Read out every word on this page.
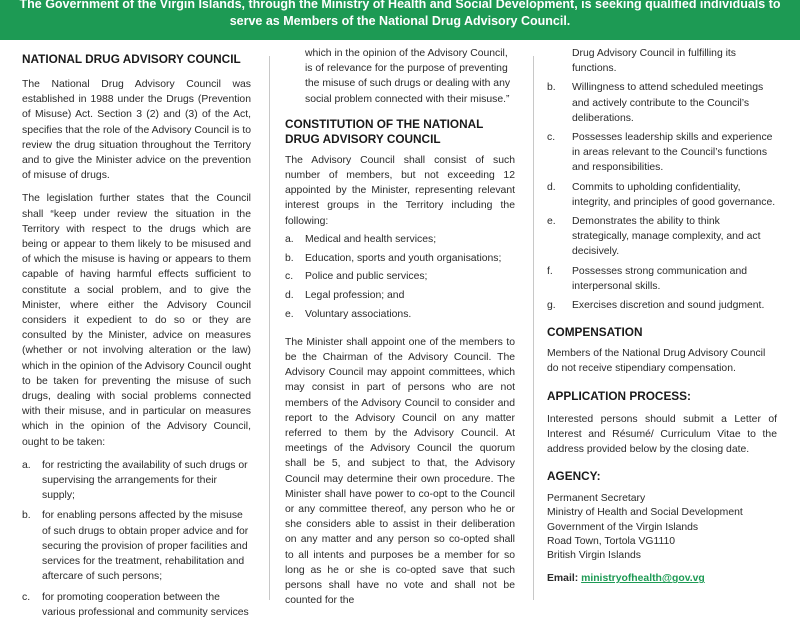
The Government of the Virgin Islands, through the Ministry of Health and Social Development, is seeking qualified individuals to
serve as Members of the National Drug Advisory Council.
NATIONAL DRUG ADVISORY COUNCIL

The National Drug Advisory Council was established in 1988 under the Drugs (Prevention of Misuse) Act. Section 3 (2) and (3) of the Act, specifies that the role of the Advisory Council is to review the drug situation throughout the Territory and to give the Minister advice on the prevention of misuse of drugs.

The legislation further states that the Council shall “keep under review the situation in the Territory with respect to the drugs which are being or appear to them likely to be misused and of which the misuse is having or appears to them capable of having harmful effects sufficient to constitute a social problem, and to give the Minister, where either the Advisory Council considers it expedient to do so or they are consulted by the Minister, advice on measures (whether or not involving alteration or the law) which in the opinion of the Advisory Council ought to be taken for preventing the misuse of such drugs, dealing with social problems connected with their misuse, and in particular on measures which in the opinion of the Advisory Council, ought to be taken:

a. for restricting the availability of such drugs or supervising the arrangements for their supply;
b. for enabling persons affected by the misuse of such drugs to obtain proper advice and for securing the provision of proper facilities and services for the treatment, rehabilitation and aftercare of such persons;
c. for promoting cooperation between the various professional and community services

which in the opinion of the Advisory Council, is of relevance for the purpose of preventing the misuse of such drugs or dealing with any social problem connected with their misuse.”

CONSTITUTION OF THE NATIONAL DRUG ADVISORY COUNCIL

The Advisory Council shall consist of such number of members, but not exceeding 12 appointed by the Minister, representing relevant interest groups in the Territory including the following:

a. Medical and health services;
b. Education, sports and youth organisations;
c. Police and public services;
d. Legal profession; and
e. Voluntary associations.

The Minister shall appoint one of the members to be the Chairman of the Advisory Council. The Advisory Council may appoint committees, which may consist in part of persons who are not members of the Advisory Council to consider and report to the Advisory Council on any matter referred to them by the Advisory Council. At meetings of the Advisory Council the quorum shall be 5, and subject to that, the Advisory Council may determine their own procedure. The Minister shall have power to co-opt to the Council or any committee thereof, any person who he or she considers able to assist in their deliberation on any matter and any person so co-opted shall to all intents and purposes be a member for so long as he or she is co-opted save that such persons shall have no vote and shall not be counted for the

Drug Advisory Council in fulfilling its functions.

b. Willingness to attend scheduled meetings and actively contribute to the Council’s deliberations.
c. Possesses leadership skills and experience in areas relevant to the Council’s functions and responsibilities.
d. Commits to upholding confidentiality, integrity, and principles of good governance.
e. Demonstrates the ability to think strategically, manage complexity, and act decisively.
f. Possesses strong communication and interpersonal skills.
g. Exercises discretion and sound judgment.
COMPENSATION

Members of the National Drug Advisory Council do not receive stipendiary compensation.

APPLICATION PROCESS:

Interested persons should submit a Letter of Interest and Résumé/ Curriculum Vitae to the address provided below by the closing date.

AGENCY:
Permanent Secretary
Ministry of Health and Social Development
Government of the Virgin Islands
Road Town, Tortola VG1110
British Virgin Islands
Email: ministryofhealth@gov.vg
